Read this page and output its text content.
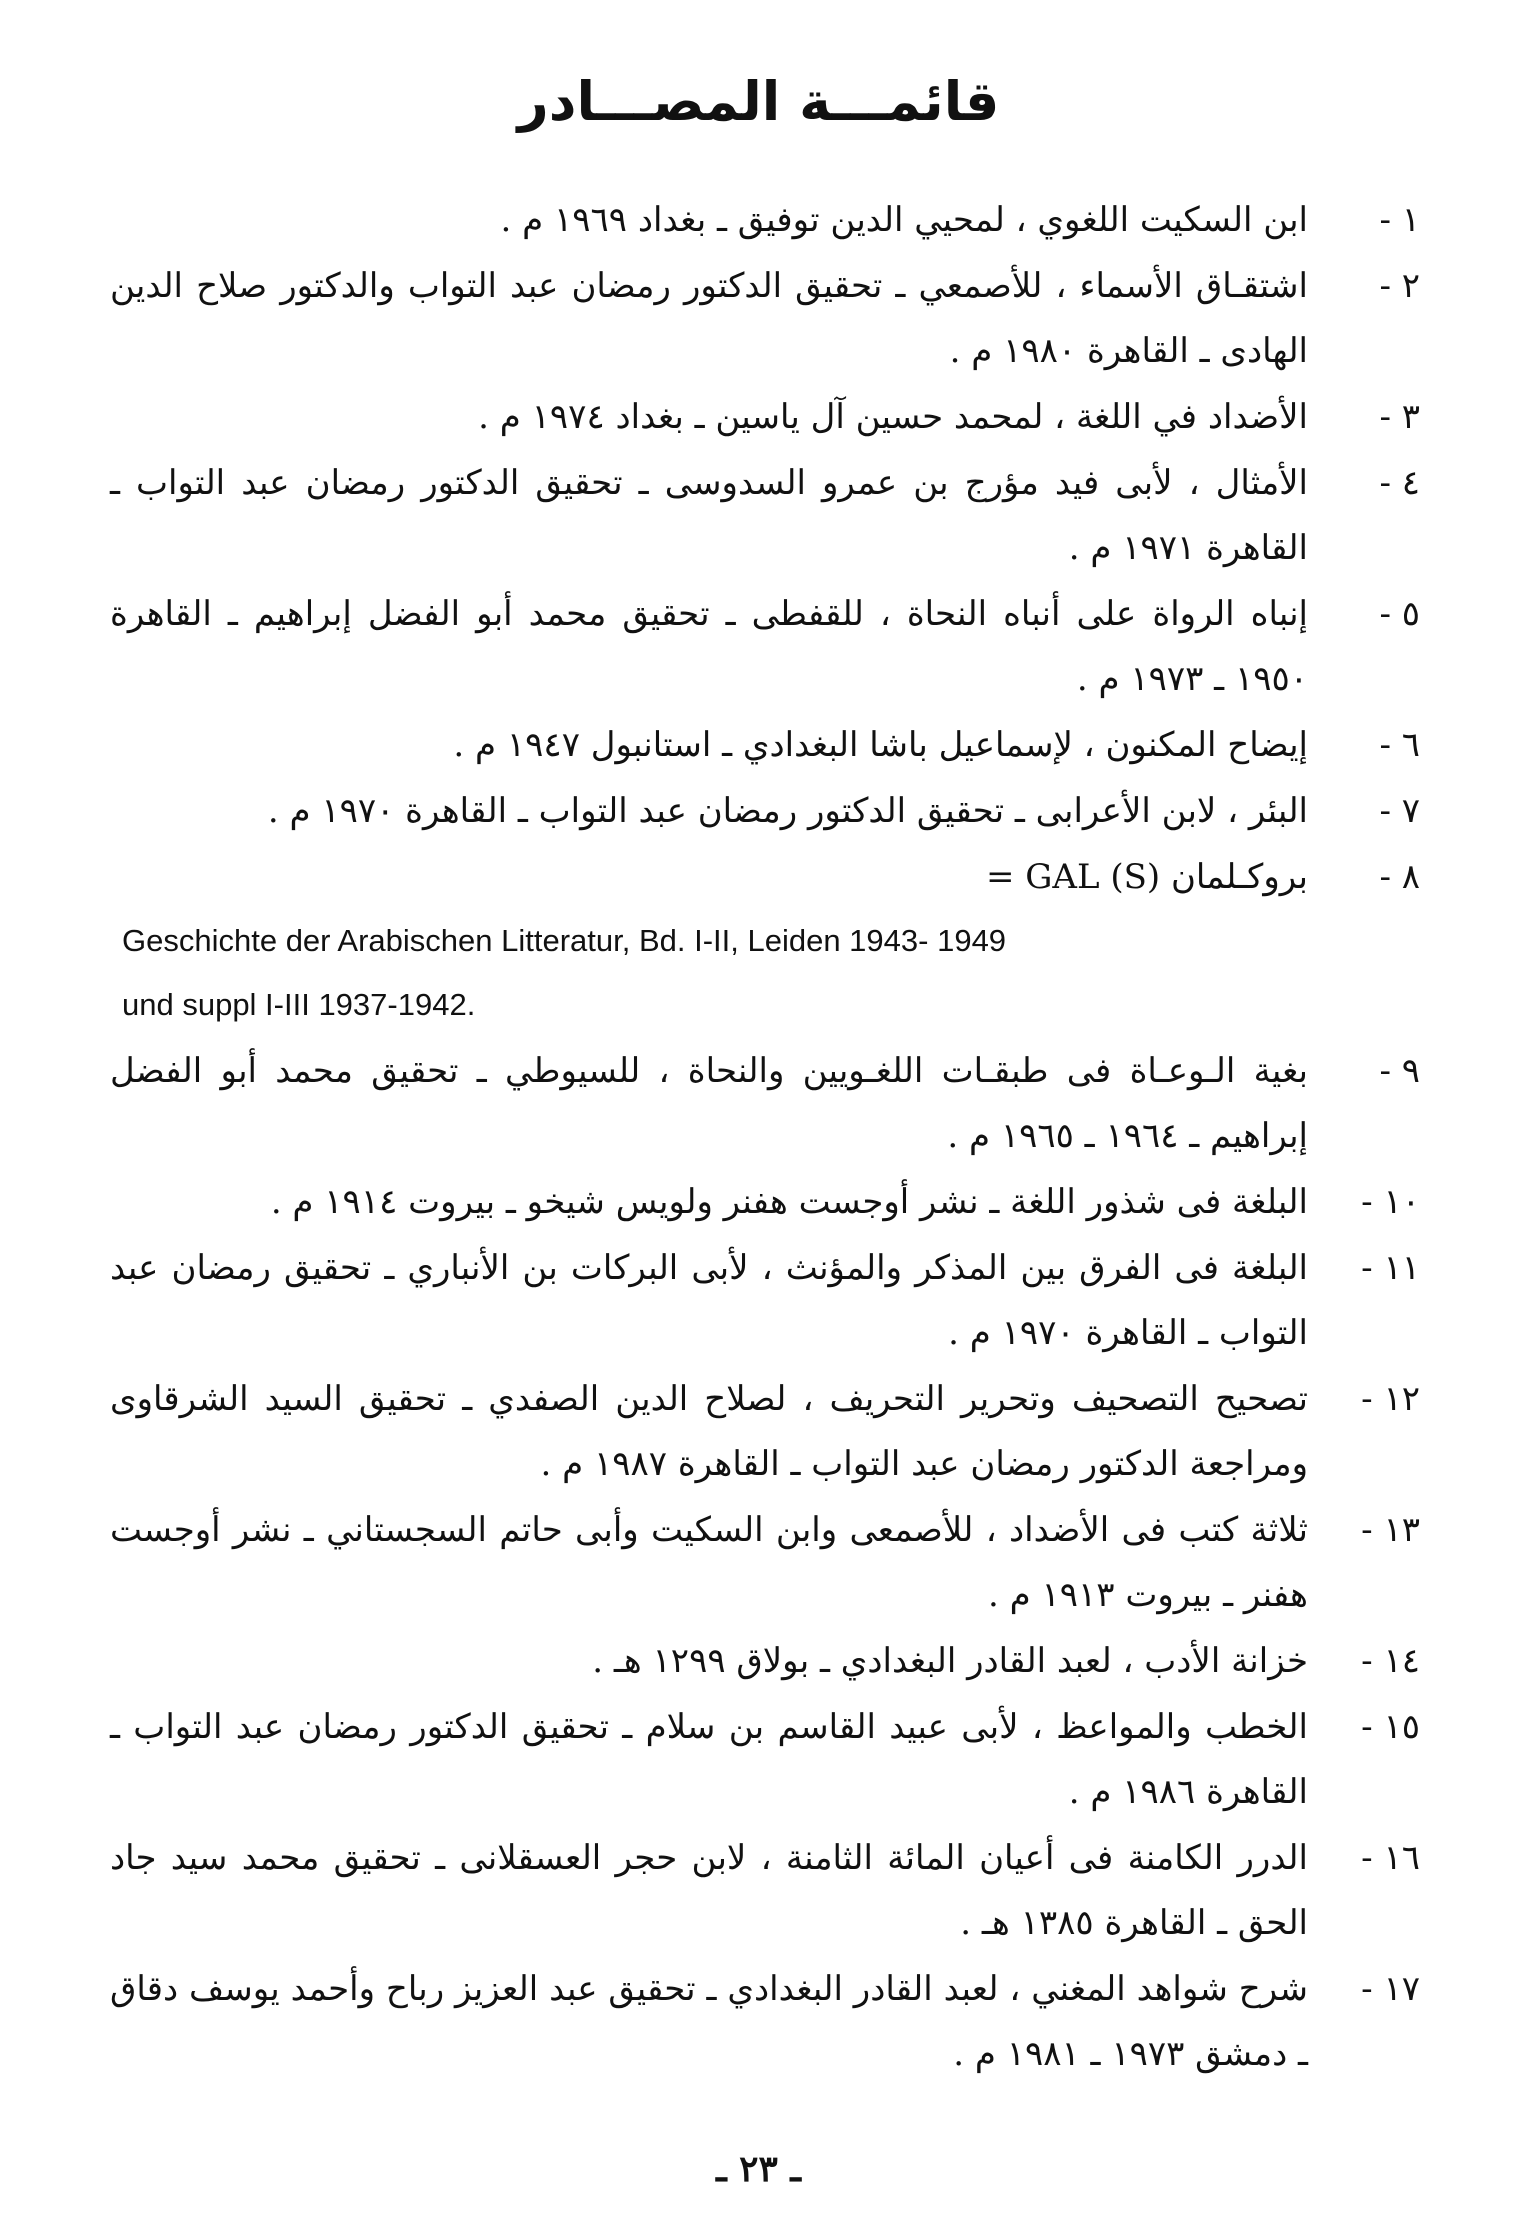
قائمـــة المصـــادر
١ -
ابن السكيت اللغوي ، لمحيي الدين توفيق ـ بغداد ١٩٦٩ م .
٢ -
اشتقـاق الأسماء ، للأصمعي ـ تحقيق الدكتور رمضان عبد التواب والدكتور صلاح الدين الهادى ـ القاهرة ١٩٨٠ م .
٣ -
الأضداد في اللغة ، لمحمد حسين آل ياسين ـ بغداد ١٩٧٤ م .
٤ -
الأمثال ، لأبى فيد مؤرج بن عمرو السدوسى ـ تحقيق الدكتور رمضان عبد التواب ـ القاهرة ١٩٧١ م .
٥ -
إنباه الرواة على أنباه النحاة ، للقفطى ـ تحقيق محمد أبو الفضل إبراهيم ـ القاهرة ١٩٥٠ ـ ١٩٧٣ م .
٦ -
إيضاح المكنون ، لإسماعيل باشا البغدادي ـ استانبول ١٩٤٧ م .
٧ -
البئر ، لابن الأعرابى ـ تحقيق الدكتور رمضان عبد التواب ـ القاهرة ١٩٧٠ م .
٨ -
بروكـلمان GAL (S) =
Geschichte der Arabischen Litteratur, Bd. I-II, Leiden 1943- 1949
und suppl I-III 1937-1942.
٩ -
بغية الـوعـاة فى طبقـات اللغـويين والنحاة ، للسيوطي ـ تحقيق محمد أبو الفضل إبراهيم ـ ١٩٦٤ ـ ١٩٦٥ م .
١٠ -
البلغة فى شذور اللغة ـ نشر أوجست هفنر ولويس شيخو ـ بيروت ١٩١٤ م .
١١ -
البلغة فى الفرق بين المذكر والمؤنث ، لأبى البركات بن الأنباري ـ تحقيق رمضان عبد التواب ـ القاهرة ١٩٧٠ م .
١٢ -
تصحيح التصحيف وتحرير التحريف ، لصلاح الدين الصفدي ـ تحقيق السيد الشرقاوى ومراجعة الدكتور رمضان عبد التواب ـ القاهرة ١٩٨٧ م .
١٣ -
ثلاثة كتب فى الأضداد ، للأصمعى وابن السكيت وأبى حاتم السجستاني ـ نشر أوجست هفنر ـ بيروت ١٩١٣ م .
١٤ -
خزانة الأدب ، لعبد القادر البغدادي ـ بولاق ١٢٩٩ هـ .
١٥ -
الخطب والمواعظ ، لأبى عبيد القاسم بن سلام ـ تحقيق الدكتور رمضان عبد التواب ـ القاهرة ١٩٨٦ م .
١٦ -
الدرر الكامنة فى أعيان المائة الثامنة ، لابن حجر العسقلانى ـ تحقيق محمد سيد جاد الحق ـ القاهرة ١٣٨٥ هـ .
١٧ -
شرح شواهد المغني ، لعبد القادر البغدادي ـ تحقيق عبد العزيز رباح وأحمد يوسف دقاق ـ دمشق ١٩٧٣ ـ ١٩٨١ م .
ـ ٢٣ ـ
